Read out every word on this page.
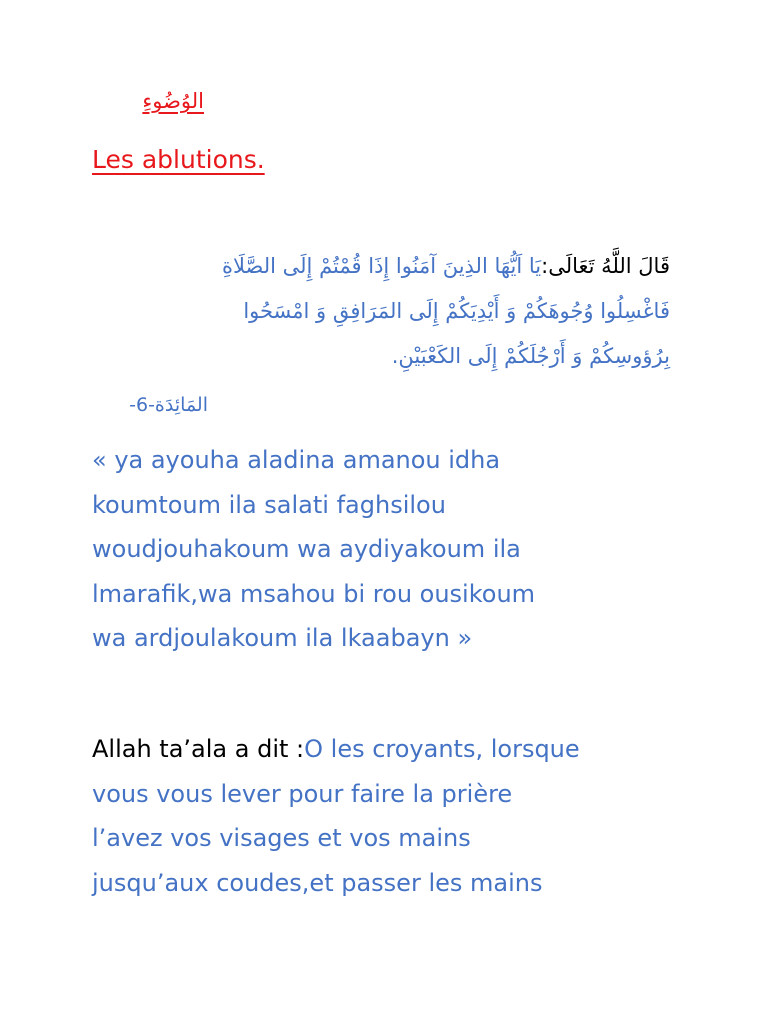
الوُضُوءِ
Les ablutions.
قَالَ اللَّهُ تَعَالَى:يَا اَيُّهَا الذِينَ آمَنُوا إِذَا قُمْتُمْ إِلَى الصَّلَاةِ
فَاغْسِلُوا وُجُوهَكُمْ وَ أَيْدِيَكُمْ إِلَى المَرَافِقِ وَ امْسَحُوا
بِرُؤوسِكُمْ وَ أَرْجُلَكُمْ إِلَى الكَعْبَيْنِ.
المَائِدَة-6-
« ya ayouha aladina amanou idha
koumtoum ila salati faghsilou
woudjouhakoum wa aydiyakoum ila
lmarafik,wa msahou bi rou ousikoum
wa ardjoulakoum ila lkaabayn »
Allah ta’ala a dit :O les croyants, lorsque
vous vous lever pour faire la prière
l’avez vos visages et vos mains
jusqu’aux coudes,et passer les mains
